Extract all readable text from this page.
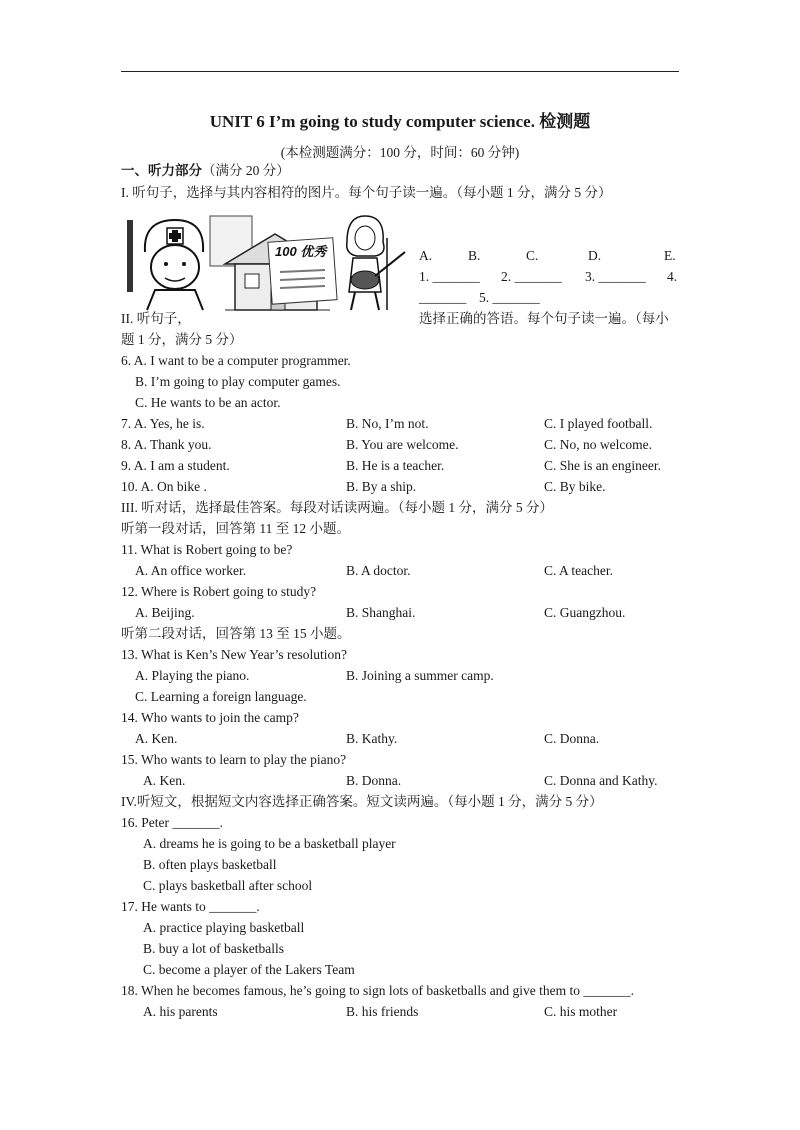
UNIT 6 I’m going to study computer science. 检测题
(本检测题满分：100 分，时间：60 分钟)
一、听力部分（满分 20 分）
I. 听句子，选择与其内容相符的图片。每个句子读一遍。（每小题 1 分，满分 5 分）
100 优秀	A.	B.	C.	D.	E.
1. _______ 2. _______ 3. _______ 4.
_______ 5. _______
II. 听句子，	选择正确的答语。每个句子读一遍。（每小
题 1 分，满分 5 分）
6. A. I want to be a computer programmer.
B. I’m going to play computer games.
C. He wants to be an actor.
7. A. Yes, he is.	B. No, I’m not.	C. I played football.
8. A. Thank you.	B. You are welcome.	C. No, no welcome.
9. A. I am a student.	B. He is a teacher.	C. She is an engineer.
10. A. On bike .	B. By a ship.	C. By bike.
III. 听对话，选择最佳答案。每段对话读两遍。（每小题 1 分，满分 5 分）
听第一段对话，回答第 11 至 12 小题。
11. What is Robert going to be?
A. An office worker.	B. A doctor.	C. A teacher.
12. Where is Robert going to study?
A. Beijing.	B. Shanghai.	C. Guangzhou.
听第二段对话，回答第 13 至 15 小题。
13. What is Ken’s New Year’s resolution?
A. Playing the piano.	B. Joining a summer camp.
C. Learning a foreign language.
14. Who wants to join the camp?
A. Ken.	B. Kathy.	C. Donna.
15. Who wants to learn to play the piano?
A. Ken.	B. Donna.	C. Donna and Kathy.
IV.听短文，根据短文内容选择正确答案。短文读两遍。（每小题 1 分，满分 5 分）
16. Peter _______.
A. dreams he is going to be a basketball player
B. often plays basketball
C. plays basketball after school
17. He wants to _______.
A. practice playing basketball
B. buy a lot of basketballs
C. become a player of the Lakers Team
18. When he becomes famous, he’s going to sign lots of basketballs and give them to _______.
A. his parents	B. his friends	C. his mother
